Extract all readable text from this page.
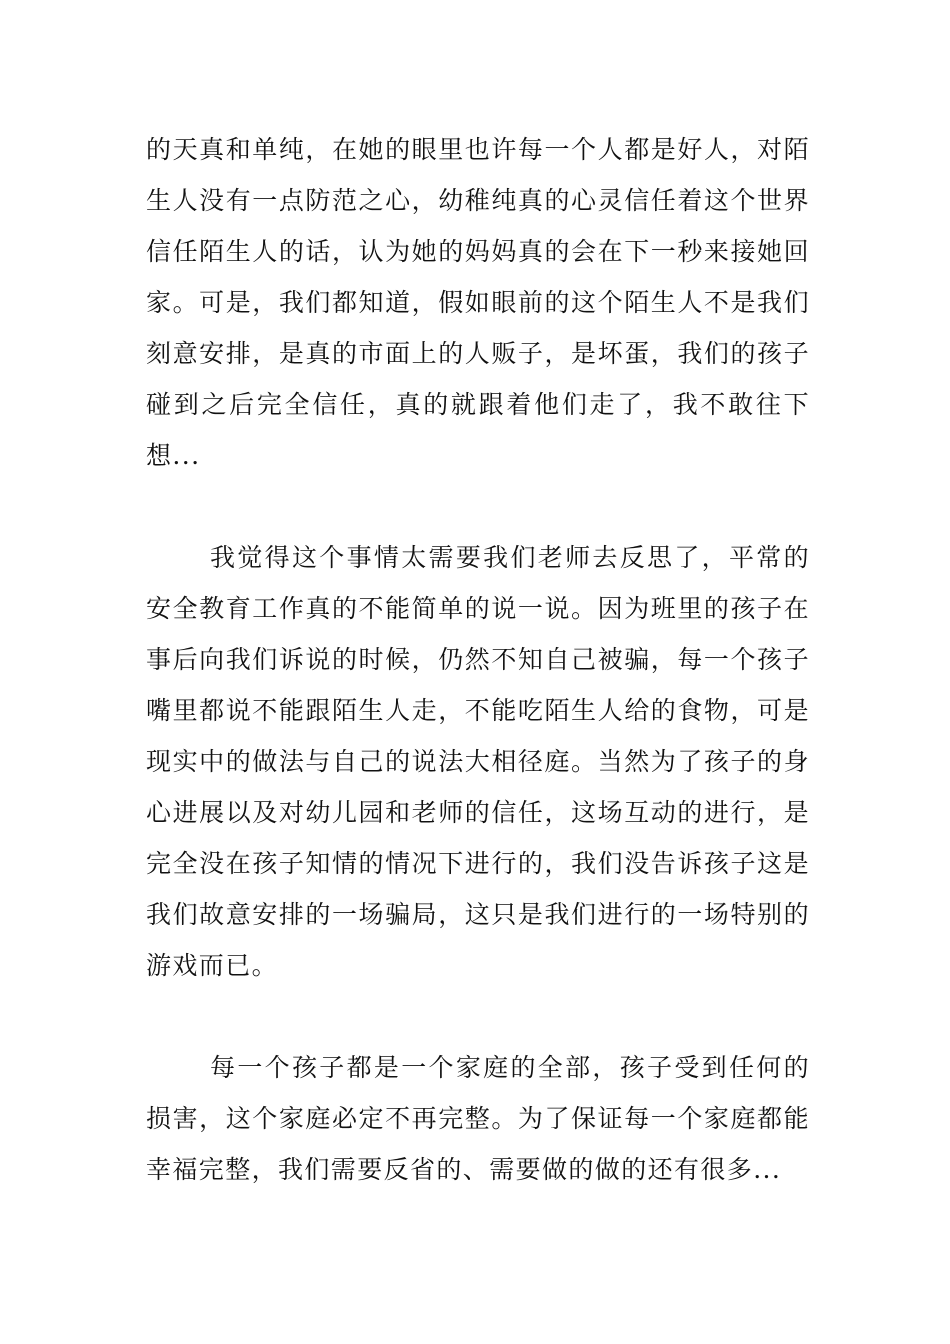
的天真和单纯，在她的眼里也许每一个人都是好人，对陌生人没有一点防范之心，幼稚纯真的心灵信任着这个世界信任陌生人的话，认为她的妈妈真的会在下一秒来接她回家。可是，我们都知道，假如眼前的这个陌生人不是我们刻意安排，是真的市面上的人贩子，是坏蛋，我们的孩子碰到之后完全信任，真的就跟着他们走了，我不敢往下想...

我觉得这个事情太需要我们老师去反思了，平常的安全教育工作真的不能简单的说一说。因为班里的孩子在事后向我们诉说的时候，仍然不知自己被骗，每一个孩子嘴里都说不能跟陌生人走，不能吃陌生人给的食物，可是现实中的做法与自己的说法大相径庭。当然为了孩子的身心进展以及对幼儿园和老师的信任，这场互动的进行，是完全没在孩子知情的情况下进行的，我们没告诉孩子这是我们故意安排的一场骗局，这只是我们进行的一场特别的游戏而已。

每一个孩子都是一个家庭的全部，孩子受到任何的损害，这个家庭必定不再完整。为了保证每一个家庭都能幸福完整，我们需要反省的、需要做的做的还有很多...
